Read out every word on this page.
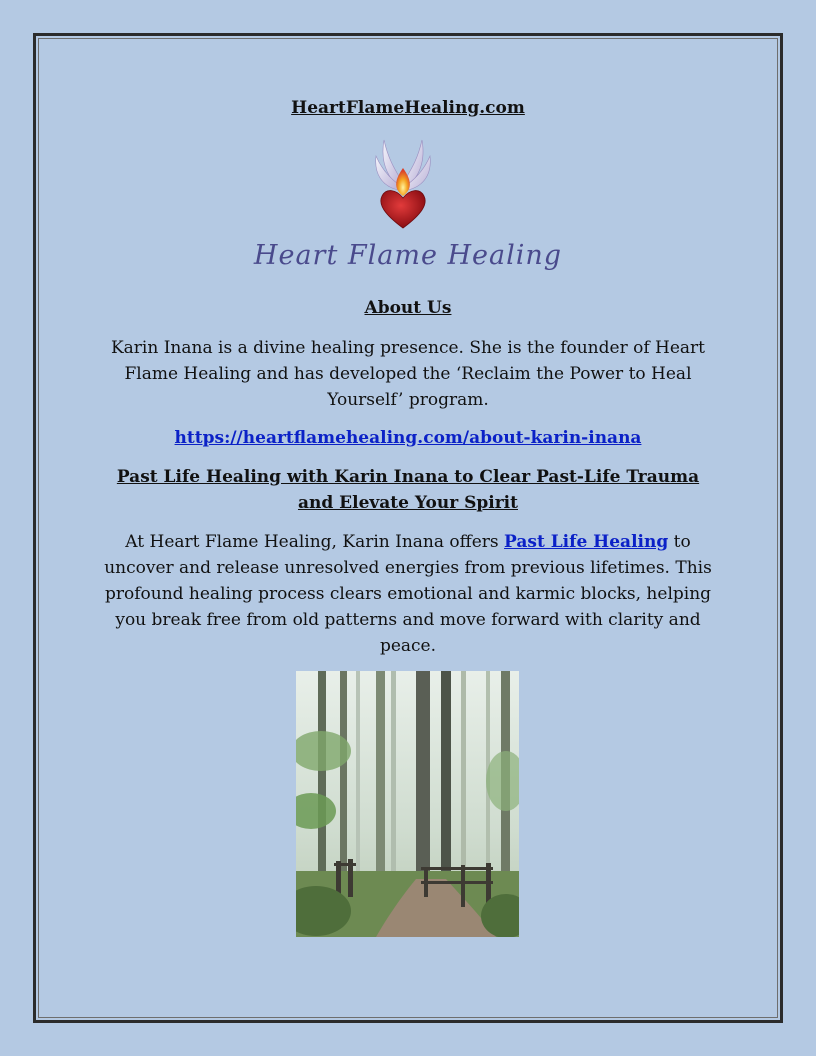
HeartFlameHealing.com
Heart Flame Healing
About Us
Karin Inana is a divine healing presence. She is the founder of Heart Flame Healing and has developed the ‘Reclaim the Power to Heal Yourself’ program.
https://heartflamehealing.com/about-karin-inana
Past Life Healing with Karin Inana to Clear Past-Life Trauma and Elevate Your Spirit
At Heart Flame Healing, Karin Inana offers Past Life Healing to uncover and release unresolved energies from previous lifetimes. This profound healing process clears emotional and karmic blocks, helping you break free from old patterns and move forward with clarity and peace.
